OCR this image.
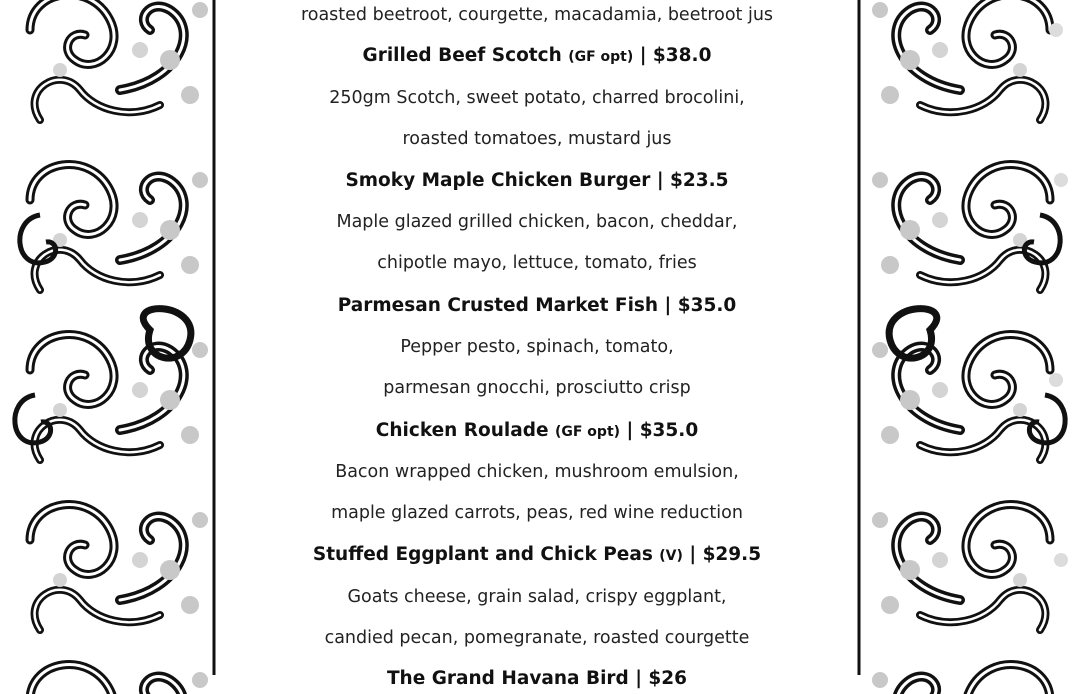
roasted beetroot, courgette, macadamia, beetroot jus
Grilled Beef Scotch (GF opt) | $38.0
250gm Scotch, sweet potato, charred brocolini,
roasted tomatoes, mustard jus
Smoky Maple Chicken Burger | $23.5
Maple glazed grilled chicken, bacon, cheddar,
chipotle mayo, lettuce, tomato, fries
Parmesan Crusted Market Fish | $35.0
Pepper pesto, spinach, tomato,
parmesan gnocchi, prosciutto crisp
Chicken Roulade (GF opt) | $35.0
Bacon wrapped chicken, mushroom emulsion,
maple glazed carrots, peas, red wine reduction
Stuffed Eggplant and Chick Peas (V) | $29.5
Goats cheese, grain salad, crispy eggplant,
candied pecan, pomegranate, roasted courgette
The Grand Havana Bird | $26
